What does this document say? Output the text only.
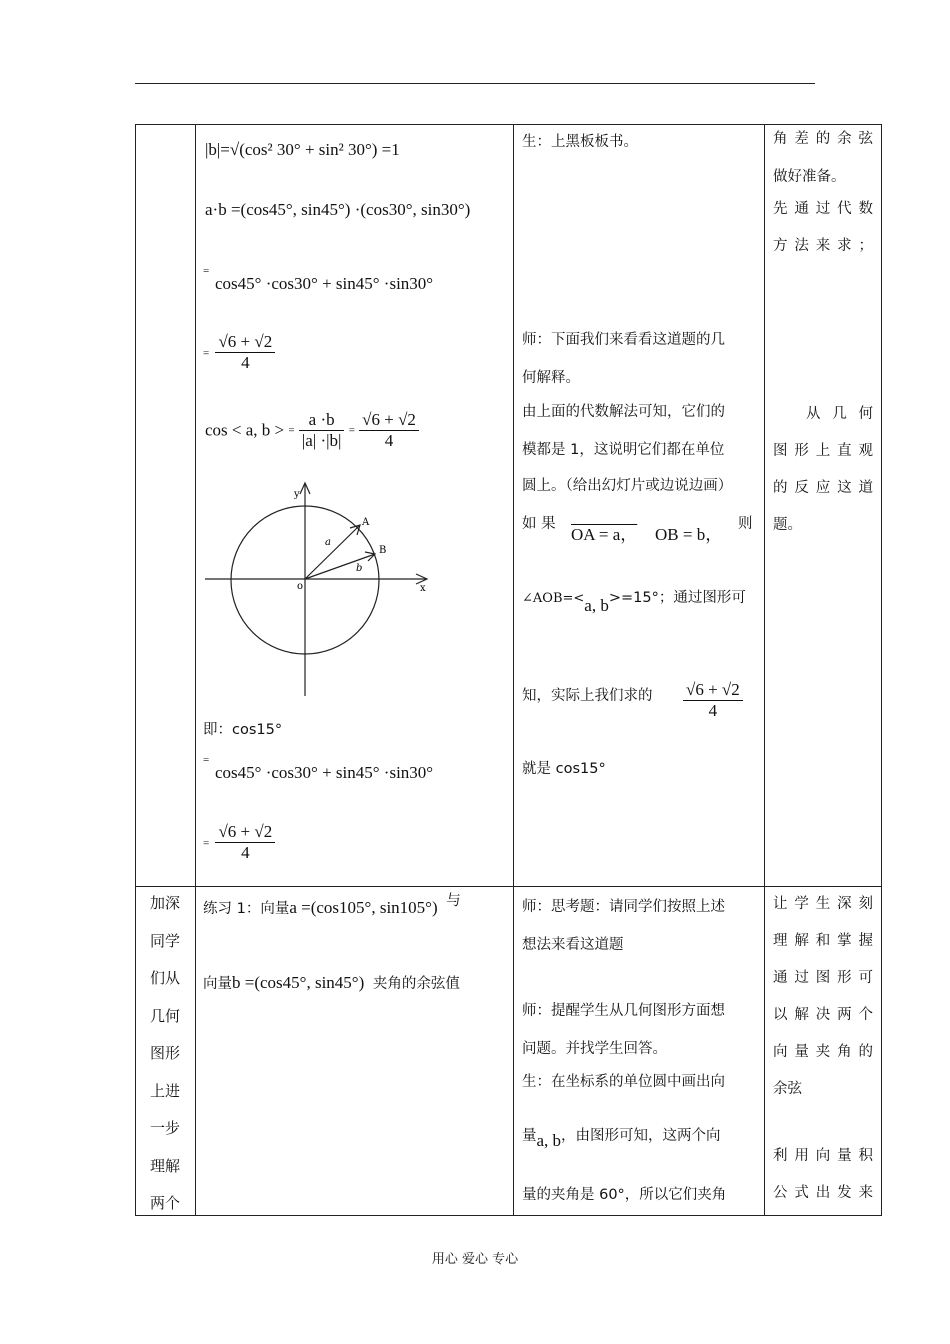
|b|=√(cos² 30° + sin² 30°) =1
a·b =(cos45°, sin45°) ·(cos30°, sin30°)
=
cos45° ·cos30° + sin45° ·sin30°
= $\frac{√6 + √2}{4}$
cos < a, b > = $\frac{a \cdot b}{|a| \cdot|b|} = \frac{√6 + √2}{4}$
y
x
o
A
B
a
b
即：cos15°
=
cos45° ·cos30° + sin45° ·sin30°
= $\frac{√6 + √2}{4}$
生：上黑板板书。
师：下面我们来看看这道题的几
何解释。
由上面的代数解法可知，它们的
模都是 1，这说明它们都在单位
圆上。（给出幻灯片或边说边画）
如 果
OA = a， OB = b，
则
∠AOB=<a, b>=15°；通过图形可
知，实际上我们求的 $\frac{√6 + √2}{4}$
就是 cos15°
角差的余弦
做好准备。
先通过代数
方法来求；
从几何
图形上直观
的反应这道
题。
加深
同学
们从
几何
图形
上进
一步
理解
两个
练习 1：向量a =(cos105°, sin105°) 与
向量b =(cos45°, sin45°) 夹角的余弦值
师：思考题：请同学们按照上述
想法来看这道题
师：提醒学生从几何图形方面想
问题。并找学生回答。
生：在坐标系的单位圆中画出向
量a, b，由图形可知，这两个向
量的夹角是 60°，所以它们夹角
让学生深刻
理解和掌握
通过图形可
以解决两个
向量夹角的
余弦
利用向量积
公式出发来
用心 爱心 专心
